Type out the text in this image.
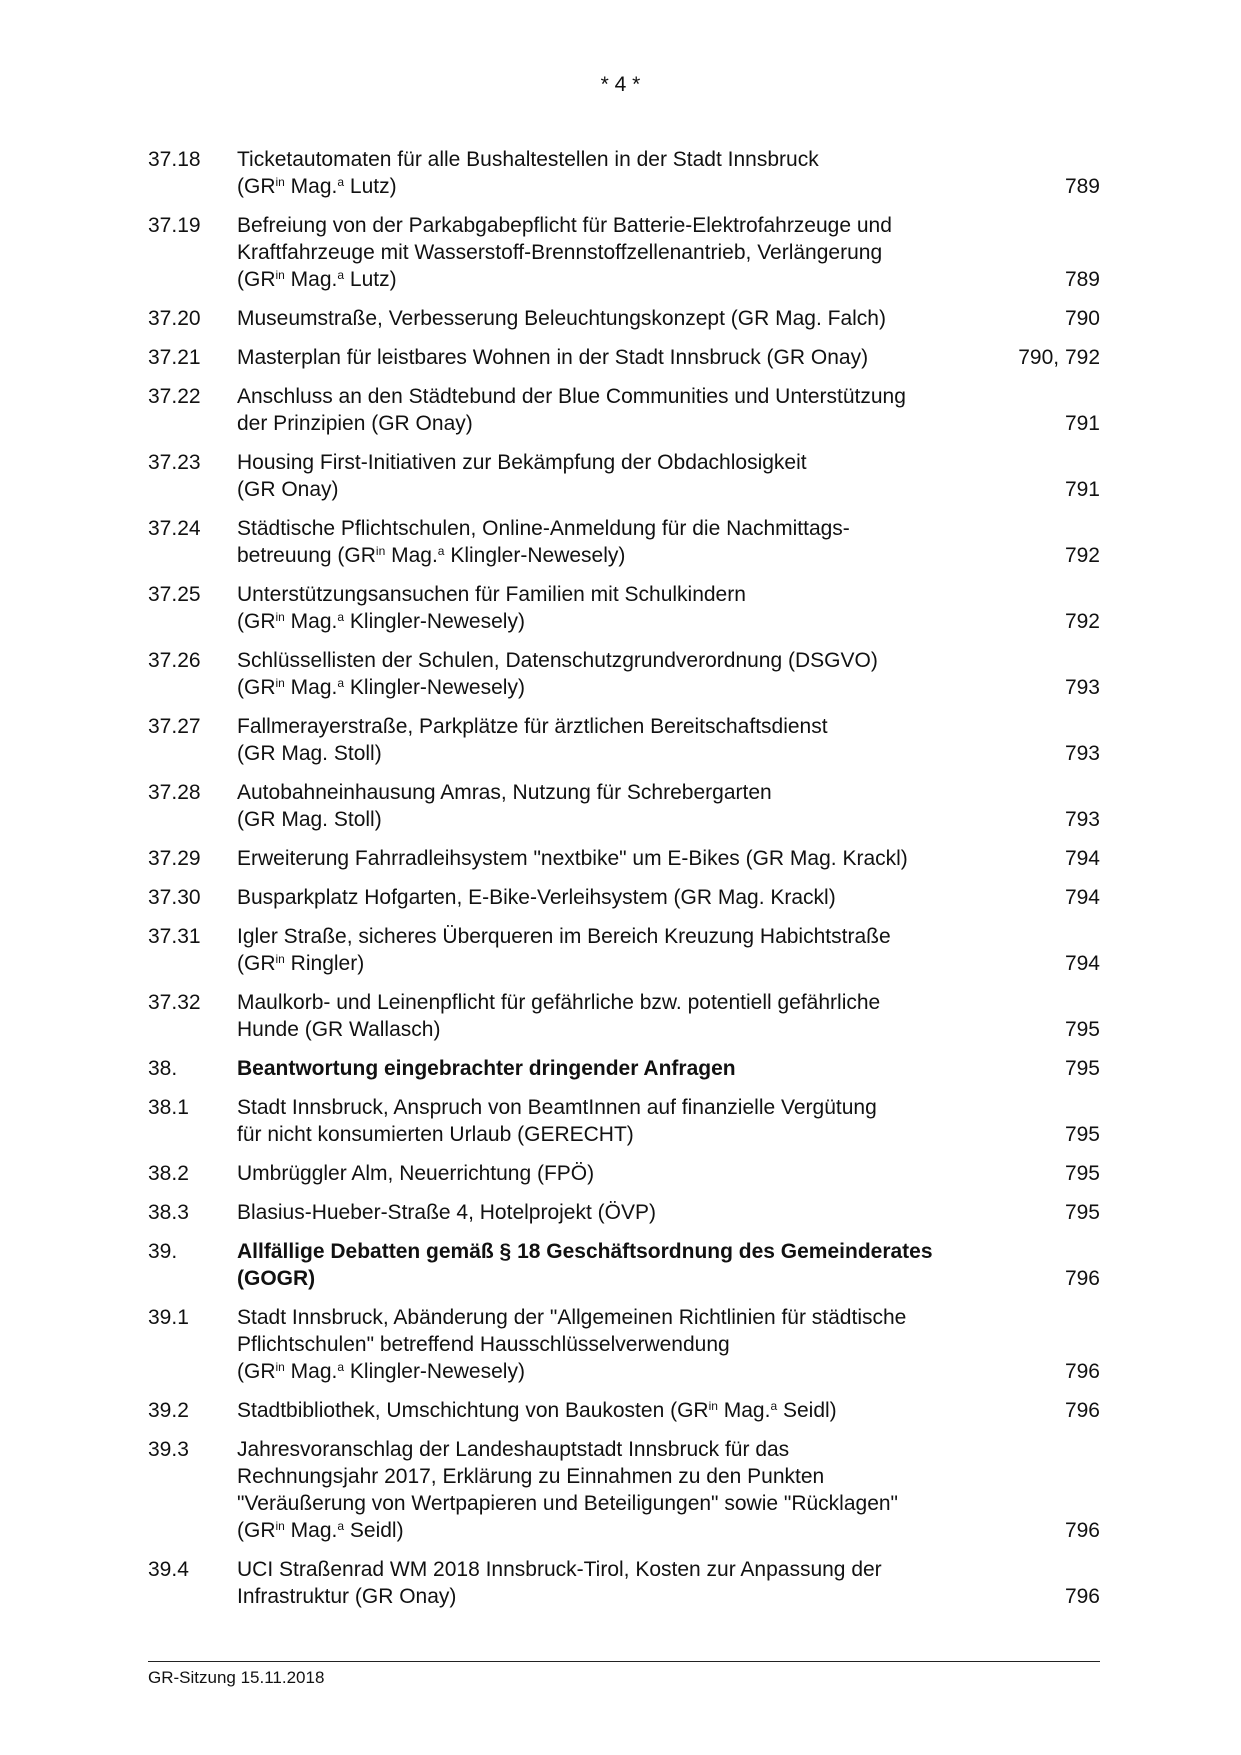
* 4 *
37.18	Ticketautomaten für alle Bushaltestellen in der Stadt Innsbruck
($GR^{in}$ Mag.$^a$ Lutz)	789
37.19	Befreiung von der Parkabgabepflicht für Batterie-Elektrofahrzeuge und
Kraftfahrzeuge mit Wasserstoff-Brennstoffzellenantrieb, Verlängerung
($GR^{in}$ Mag.$^a$ Lutz)	789
37.20	Museumstraße, Verbesserung Beleuchtungskonzept (GR Mag. Falch)	790
37.21	Masterplan für leistbares Wohnen in der Stadt Innsbruck (GR Onay)	790, 792
37.22	Anschluss an den Städtebund der Blue Communities und Unterstützung
der Prinzipien (GR Onay)	791
37.23	Housing First-Initiativen zur Bekämpfung der Obdachlosigkeit
(GR Onay)	791
37.24	Städtische Pflichtschulen, Online-Anmeldung für die Nachmittags-
betreuung ($GR^{in}$ Mag.$^a$ Klingler-Newesely)	792
37.25	Unterstützungsansuchen für Familien mit Schulkindern
($GR^{in}$ Mag.$^a$ Klingler-Newesely)	792
37.26	Schlüssellisten der Schulen, Datenschutzgrundverordnung (DSGVO)
($GR^{in}$ Mag.$^a$ Klingler-Newesely)	793
37.27	Fallmerayerstraße, Parkplätze für ärztlichen Bereitschaftsdienst
(GR Mag. Stoll)	793
37.28	Autobahneinhausung Amras, Nutzung für Schrebergarten
(GR Mag. Stoll)	793
37.29	Erweiterung Fahrradleihsystem "nextbike" um E-Bikes (GR Mag. Krackl)	794
37.30	Busparkplatz Hofgarten, E-Bike-Verleihsystem (GR Mag. Krackl)	794
37.31	Igler Straße, sicheres Überqueren im Bereich Kreuzung Habichtstraße
($GR^{in}$ Ringler)	794
37.32	Maulkorb- und Leinenpflicht für gefährliche bzw. potentiell gefährliche
Hunde (GR Wallasch)	795
38.	Beantwortung eingebrachter dringender Anfragen	795
38.1	Stadt Innsbruck, Anspruch von BeamtInnen auf finanzielle Vergütung
für nicht konsumierten Urlaub (GERECHT)	795
38.2	Umbrüggler Alm, Neuerrichtung (FPÖ)	795
38.3	Blasius-Hueber-Straße 4, Hotelprojekt (ÖVP)	795
39.	Allfällige Debatten gemäß § 18 Geschäftsordnung des Gemeinderates
(GOGR)	796
39.1	Stadt Innsbruck, Abänderung der "Allgemeinen Richtlinien für städtische
Pflichtschulen" betreffend Hausschlüsselverwendung
($GR^{in}$ Mag.$^a$ Klingler-Newesely)	796
39.2	Stadtbibliothek, Umschichtung von Baukosten ($GR^{in}$ Mag.$^a$ Seidl)	796
39.3	Jahresvoranschlag der Landeshauptstadt Innsbruck für das
Rechnungsjahr 2017, Erklärung zu Einnahmen zu den Punkten
"Veräußerung von Wertpapieren und Beteiligungen" sowie "Rücklagen"
($GR^{in}$ Mag.$^a$ Seidl)	796
39.4	UCI Straßenrad WM 2018 Innsbruck-Tirol, Kosten zur Anpassung der
Infrastruktur (GR Onay)	796
GR-Sitzung 15.11.2018
